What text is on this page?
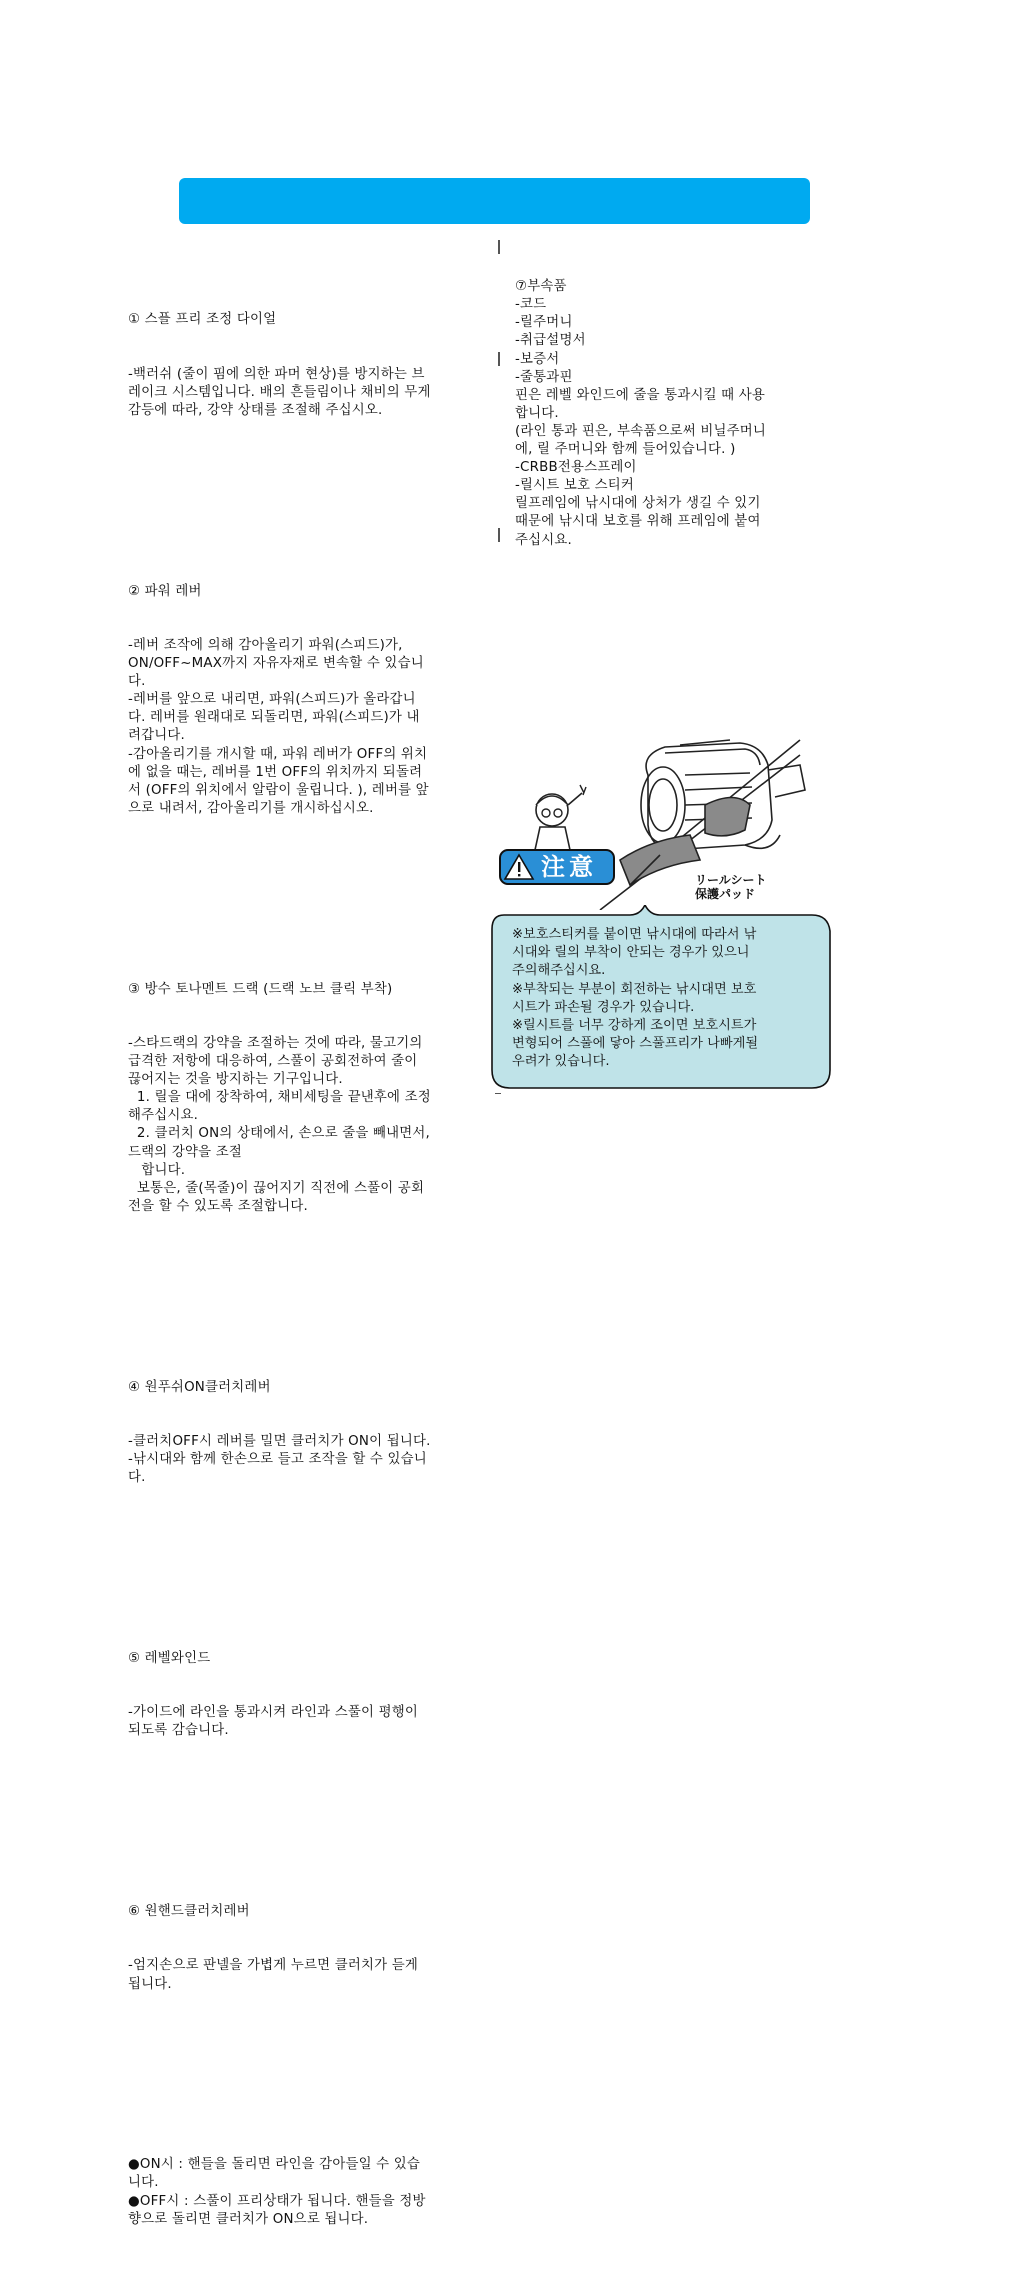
① 스플 프리 조정 다이얼

-백러쉬 (줄이 핌에 의한 파머 현상)를 방지하는 브
레이크 시스템입니다. 배의 흔들림이나 채비의 무게
감등에 따라, 강약 상태를 조절해 주십시오.

② 파워 레버

-레버 조작에 의해 감아올리기 파워(스피드)가,
ON/OFF~MAX까지 자유자재로 변속할 수 있습니
다.
-레버를 앞으로 내리면, 파워(스피드)가 올라갑니
다. 레버를 원래대로 되돌리면, 파워(스피드)가 내
려갑니다.
-감아올리기를 개시할 때, 파워 레버가 OFF의 위치
에 없을 때는, 레버를 1번 OFF의 위치까지 되돌려
서 (OFF의 위치에서 알람이 울립니다. ), 레버를 앞
으로 내려서, 감아올리기를 개시하십시오.

③ 방수 토나멘트 드랙 (드랙 노브 클릭 부착)

-스타드랙의 강약을 조절하는 것에 따라, 물고기의
급격한 저항에 대응하여, 스풀이 공회전하여 줄이
끊어지는 것을 방지하는 기구입니다.
1. 릴을 대에 장착하여, 채비세팅을 끝낸후에 조정
해주십시요.
2. 클러치 ON의 상태에서, 손으로 줄을 빼내면서,
드랙의 강약을 조절
합니다.
보통은, 줄(목줄)이 끊어지기 직전에 스풀이 공회
전을 할 수 있도록 조절합니다.

④ 원푸쉬ON클러치레버

-클러치OFF시 레버를 밀면 클러치가 ON이 됩니다.
-낚시대와 함께 한손으로 들고 조작을 할 수 있습니
다.

⑤ 레벨와인드

-가이드에 라인을 통과시켜 라인과 스풀이 평행이
되도록 감습니다.

⑥ 원핸드클러치레버

-엄지손으로 판넬을 가볍게 누르면 클러치가 듣게
됩니다.

●ON시 : 핸들을 돌리면 라인을 감아들일 수 있습
니다.
●OFF시 : 스풀이 프리상태가 됩니다. 핸들을 정방
향으로 돌리면 클러치가 ON으로 됩니다.

⑦부속품
-코드
-릴주머니
-취급설명서
-보증서
-줄통과핀
핀은 레벨 와인드에 줄을 통과시킬 때 사용
합니다.
(라인 통과 핀은, 부속품으로써 비닐주머니
에, 릴 주머니와 함께 들어있습니다. )
-CRBB전용스프레이
-릴시트 보호 스티커
릴프레임에 낚시대에 상처가 생길 수 있기
때문에 낚시대 보호를 위해 프레임에 붙여
주십시요.

注意	リールシート
保護パッド
※보호스티커를 붙이면 낚시대에 따라서 낚
시대와 릴의 부착이 안되는 경우가 있으니
주의해주십시요.
※부착되는 부분이 회전하는 낚시대면 보호
시트가 파손될 경우가 있습니다.
※릴시트를 너무 강하게 조이면 보호시트가
변형되어 스풀에 닿아 스풀프리가 나빠게될
우려가 있습니다.
